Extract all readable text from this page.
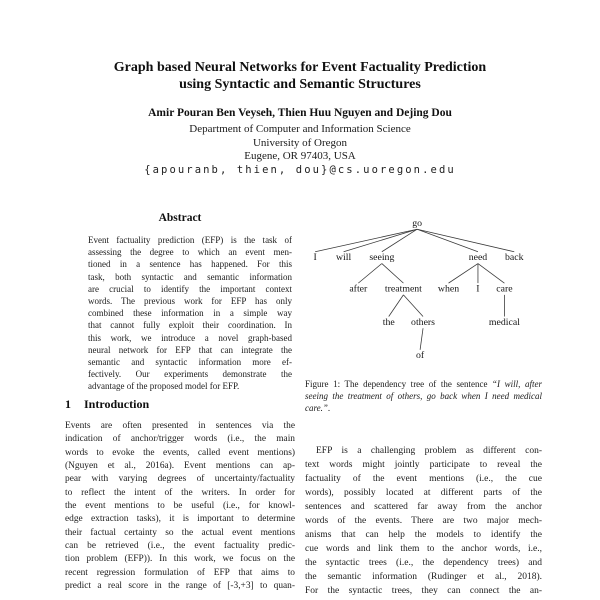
Graph based Neural Networks for Event Factuality Prediction
using Syntactic and Semantic Structures
Amir Pouran Ben Veyseh, Thien Huu Nguyen and Dejing Dou
Department of Computer and Information Science
University of Oregon
Eugene, OR 97403, USA
{apouranb, thien, dou}@cs.uoregon.edu
Abstract
Event factuality prediction (EFP) is the task of
assessing the degree to which an event men-
tioned in a sentence has happened. For this
task, both syntactic and semantic information
are crucial to identify the important context
words. The previous work for EFP has only
combined these information in a simple way
that cannot fully exploit their coordination. In
this work, we introduce a novel graph-based
neural network for EFP that can integrate the
semantic and syntactic information more ef-
fectively. Our experiments demonstrate the
advantage of the proposed model for EFP.
1 Introduction
Events are often presented in sentences via the
indication of anchor/trigger words (i.e., the main
words to evoke the events, called event mentions)
(Nguyen et al., 2016a). Event mentions can ap-
pear with varying degrees of uncertainty/factuality
to reflect the intent of the writers. In order for
the event mentions to be useful (i.e., for knowl-
edge extraction tasks), it is important to determine
their factual certainty so the actual event mentions
can be retrieved (i.e., the event factuality predic-
tion problem (EFP)). In this work, we focus on the
recent regression formulation of EFP that aims to
predict a real score in the range of [-3,+3] to quan-
go
I will seeing	need back
after treatment when I care
the others	medical
of
Figure 1: The dependency tree of the sentence “I will, after seeing the treatment of others, go back when I need medical care.”.
EFP is a challenging problem as different con-
text words might jointly participate to reveal the
factuality of the event mentions (i.e., the cue
words), possibly located at different parts of the
sentences and scattered far away from the anchor
words of the events. There are two major mech-
anisms that can help the models to identify the
cue words and link them to the anchor words, i.e.,
the syntactic trees (i.e., the dependency trees) and
the semantic information (Rudinger et al., 2018).
For the syntactic trees, they can connect the an-
